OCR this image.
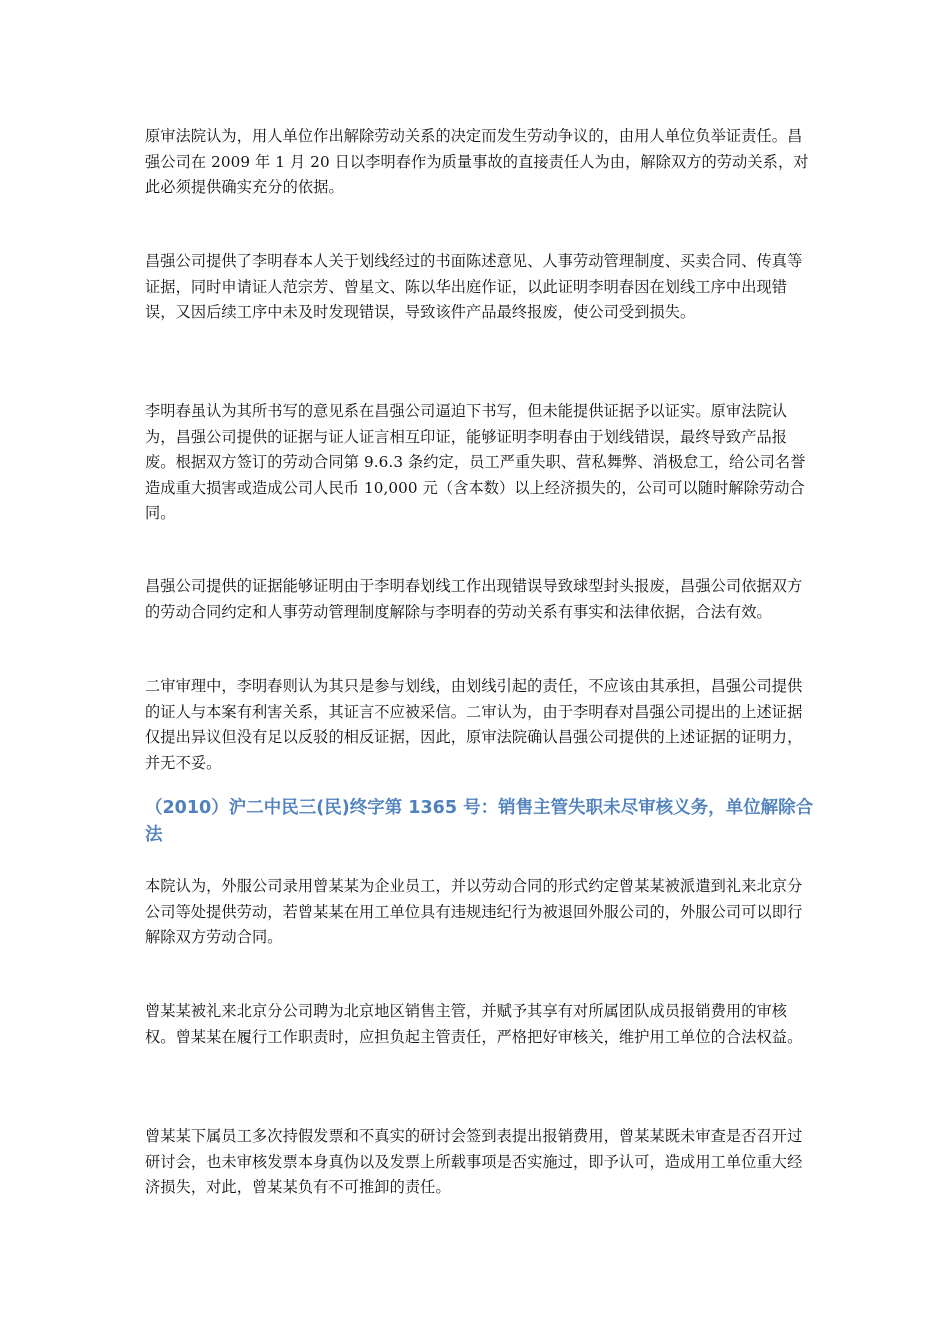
原审法院认为，用人单位作出解除劳动关系的决定而发生劳动争议的，由用人单位负举证责任。昌强公司在 2009 年 1 月 20 日以李明春作为质量事故的直接责任人为由，解除双方的劳动关系，对此必须提供确实充分的依据。

昌强公司提供了李明春本人关于划线经过的书面陈述意见、人事劳动管理制度、买卖合同、传真等证据，同时申请证人范宗芳、曾星文、陈以华出庭作证，以此证明李明春因在划线工序中出现错误，又因后续工序中未及时发现错误，导致该件产品最终报废，使公司受到损失。

李明春虽认为其所书写的意见系在昌强公司逼迫下书写，但未能提供证据予以证实。原审法院认为，昌强公司提供的证据与证人证言相互印证，能够证明李明春由于划线错误，最终导致产品报废。根据双方签订的劳动合同第 9.6.3 条约定，员工严重失职、营私舞弊、消极怠工，给公司名誉造成重大损害或造成公司人民币 10,000 元（含本数）以上经济损失的，公司可以随时解除劳动合同。

昌强公司提供的证据能够证明由于李明春划线工作出现错误导致球型封头报废，昌强公司依据双方的劳动合同约定和人事劳动管理制度解除与李明春的劳动关系有事实和法律依据，合法有效。

二审审理中，李明春则认为其只是参与划线，由划线引起的责任，不应该由其承担，昌强公司提供的证人与本案有利害关系，其证言不应被采信。二审认为，由于李明春对昌强公司提出的上述证据仅提出异议但没有足以反驳的相反证据，因此，原审法院确认昌强公司提供的上述证据的证明力，并无不妥。

（2010）沪二中民三(民)终字第 1365 号：销售主管失职未尽审核义务，单位解除合法

本院认为，外服公司录用曾某某为企业员工，并以劳动合同的形式约定曾某某被派遣到礼来北京分公司等处提供劳动，若曾某某在用工单位具有违规违纪行为被退回外服公司的，外服公司可以即行解除双方劳动合同。

曾某某被礼来北京分公司聘为北京地区销售主管，并赋予其享有对所属团队成员报销费用的审核权。曾某某在履行工作职责时，应担负起主管责任，严格把好审核关，维护用工单位的合法权益。

曾某某下属员工多次持假发票和不真实的研讨会签到表提出报销费用，曾某某既未审查是否召开过研讨会，也未审核发票本身真伪以及发票上所载事项是否实施过，即予认可，造成用工单位重大经济损失，对此，曾某某负有不可推卸的责任。
